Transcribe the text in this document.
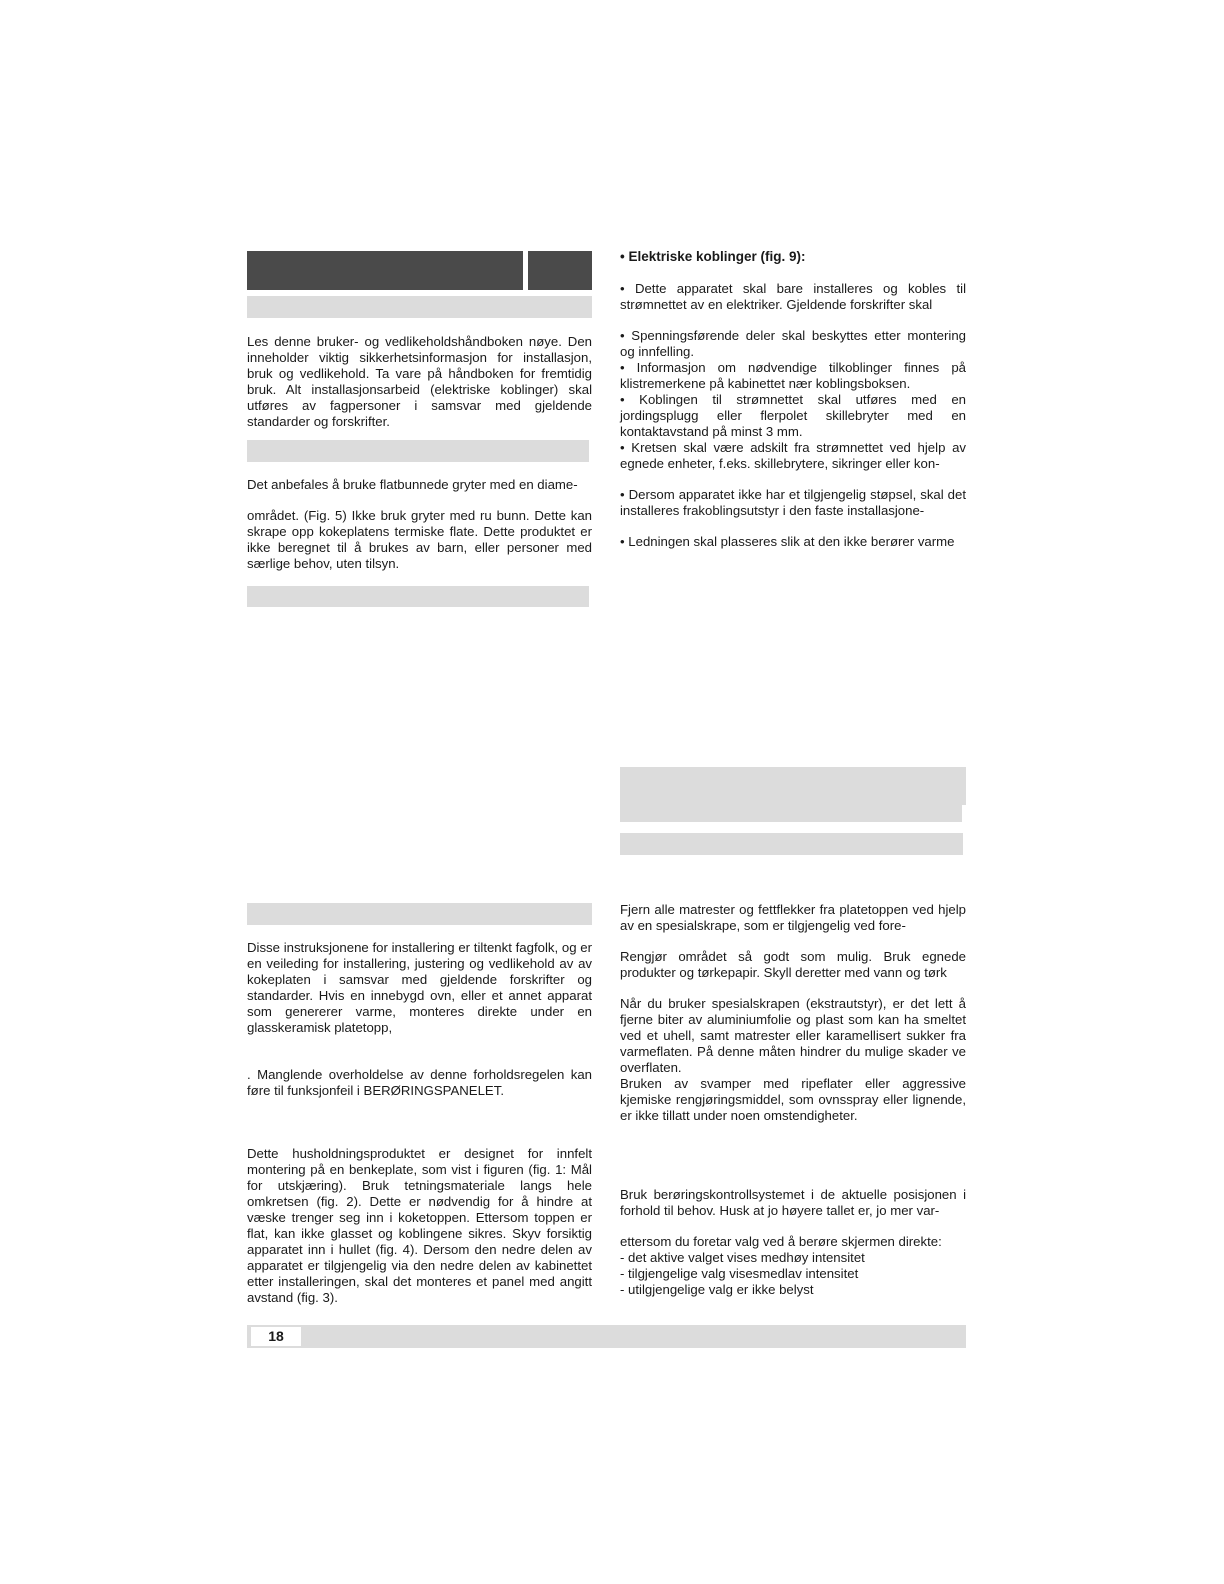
Les denne bruker- og vedlikeholdshåndboken nøye. Den inneholder viktig sikkerhetsinformasjon for installasjon, bruk og vedlikehold. Ta vare på håndboken for fremtidig bruk. Alt installasjonsarbeid (elektriske koblinger) skal utføres av fagpersoner i samsvar med gjeldende standarder og forskrifter.

Det anbefales å bruke flatbunnede gryter med en diame-

området. (Fig. 5) Ikke bruk gryter med ru bunn. Dette kan skrape opp kokeplatens termiske flate. Dette produktet er ikke beregnet til å brukes av barn, eller personer med særlige behov, uten tilsyn.

Disse instruksjonene for installering er tiltenkt fagfolk, og er en veileding for installering, justering og vedlikehold av av kokeplaten i samsvar med gjeldende forskrifter og standarder. Hvis en innebygd ovn, eller et annet apparat som genererer varme, monteres direkte under en glasskeramisk platetopp,

. Manglende overholdelse av denne forholdsregelen kan føre til funksjonfeil i BERØRINGSPANELET.

Dette husholdningsproduktet er designet for innfelt montering på en benkeplate, som vist i figuren (fig. 1: Mål for utskjæring). Bruk tetningsmateriale langs hele omkretsen (fig. 2). Dette er nødvendig for å hindre at væske trenger seg inn i koketoppen. Ettersom toppen er flat, kan ikke glasset og koblingene sikres. Skyv forsiktig apparatet inn i hullet (fig. 4). Dersom den nedre delen av apparatet er tilgjengelig via den nedre delen av kabinettet etter installeringen, skal det monteres et panel med angitt avstand (fig. 3).

• Elektriske koblinger (fig. 9):

• Dette apparatet skal bare installeres og kobles til strømnettet av en elektriker. Gjeldende forskrifter skal

• Spenningsførende deler skal beskyttes etter montering og innfelling.
• Informasjon om nødvendige tilkoblinger finnes på klistremerkene på kabinettet nær koblingsboksen.
• Koblingen til strømnettet skal utføres med en jordingsplugg eller flerpolet skillebryter med en kontaktavstand på minst 3 mm.
• Kretsen skal være adskilt fra strømnettet ved hjelp av egnede enheter, f.eks. skillebrytere, sikringer eller kon-

• Dersom apparatet ikke har et tilgjengelig støpsel, skal det installeres frakoblingsutstyr i den faste installasjone-

• Ledningen skal plasseres slik at den ikke berører varme

Fjern alle matrester og fettflekker fra platetoppen ved hjelp av en spesialskrape, som er tilgjengelig ved fore-

Rengjør området så godt som mulig. Bruk egnede produkter og tørkepapir. Skyll deretter med vann og tørk

Når du bruker spesialskrapen (ekstrautstyr), er det lett å fjerne biter av aluminiumfolie og plast som kan ha smeltet ved et uhell, samt matrester eller karamellisert sukker fra varmeflaten. På denne måten hindrer du mulige skader ve overflaten.
Bruken av svamper med ripeflater eller aggressive kjemiske rengjøringsmiddel, som ovnsspray eller lignende, er ikke tillatt under noen omstendigheter.

Bruk berøringskontrollsystemet i de aktuelle posisjonen i forhold til behov. Husk at jo høyere tallet er, jo mer var-

ettersom du foretar valg ved å berøre skjermen direkte:
- det aktive valget vises medhøy intensitet
- tilgjengelige valg visesmedlav intensitet
- utilgjengelige valg er ikke belyst

18
